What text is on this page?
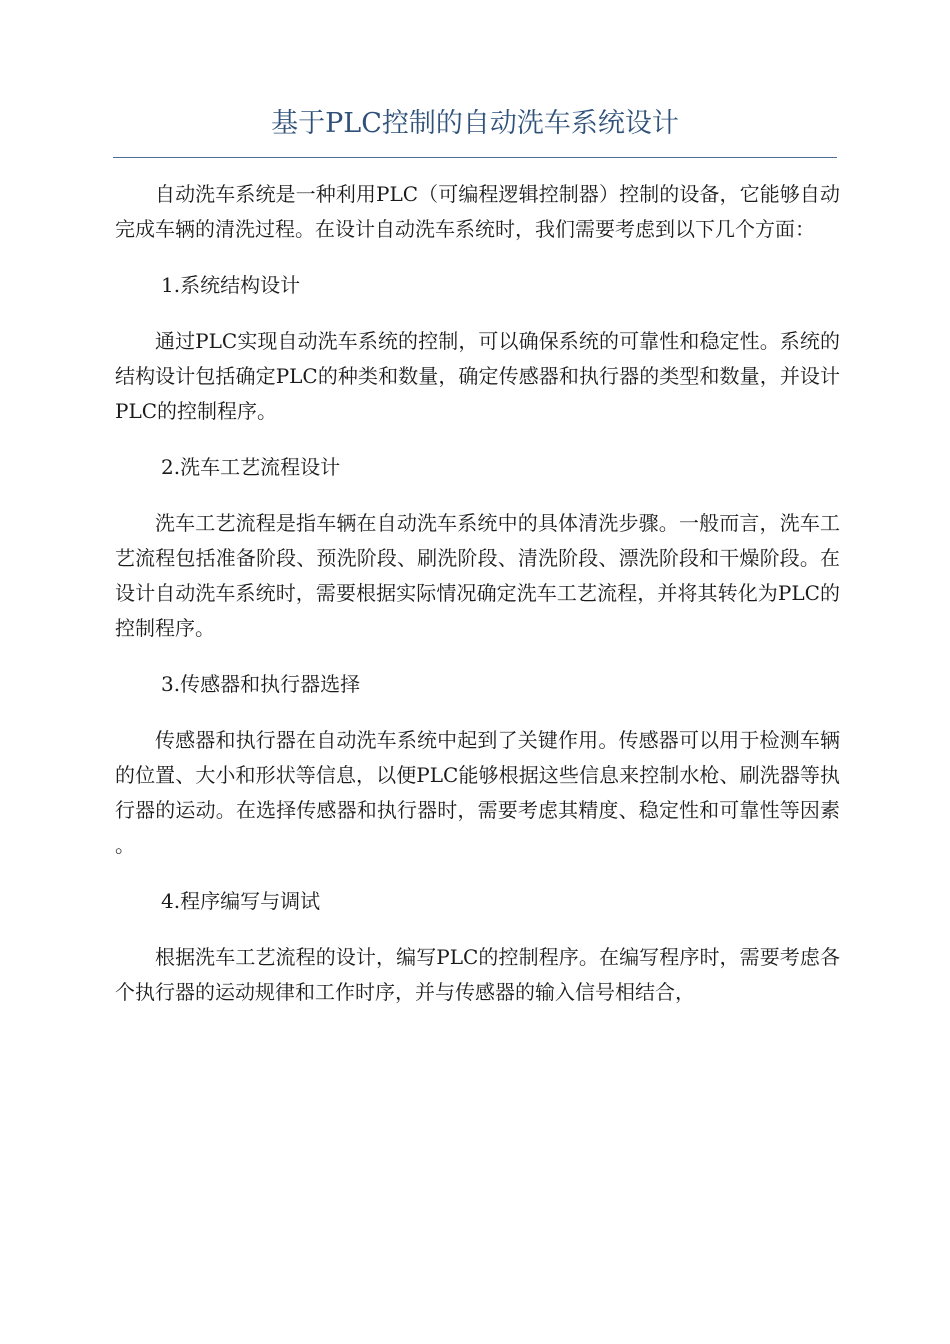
基于PLC控制的自动洗车系统设计

自动洗车系统是一种利用PLC（可编程逻辑控制器）控制的设备，它能够自动完成车辆的清洗过程。在设计自动洗车系统时，我们需要考虑到以下几个方面：

1.系统结构设计

通过PLC实现自动洗车系统的控制，可以确保系统的可靠性和稳定性。系统的结构设计包括确定PLC的种类和数量，确定传感器和执行器的类型和数量，并设计PLC的控制程序。

2.洗车工艺流程设计

洗车工艺流程是指车辆在自动洗车系统中的具体清洗步骤。一般而言，洗车工艺流程包括准备阶段、预洗阶段、刷洗阶段、清洗阶段、漂洗阶段和干燥阶段。在设计自动洗车系统时，需要根据实际情况确定洗车工艺流程，并将其转化为PLC的控制程序。

3.传感器和执行器选择

传感器和执行器在自动洗车系统中起到了关键作用。传感器可以用于检测车辆的位置、大小和形状等信息，以便PLC能够根据这些信息来控制水枪、刷洗器等执行器的运动。在选择传感器和执行器时，需要考虑其精度、稳定性和可靠性等因素。

4.程序编写与调试

根据洗车工艺流程的设计，编写PLC的控制程序。在编写程序时，需要考虑各个执行器的运动规律和工作时序，并与传感器的输入信号相结合，
